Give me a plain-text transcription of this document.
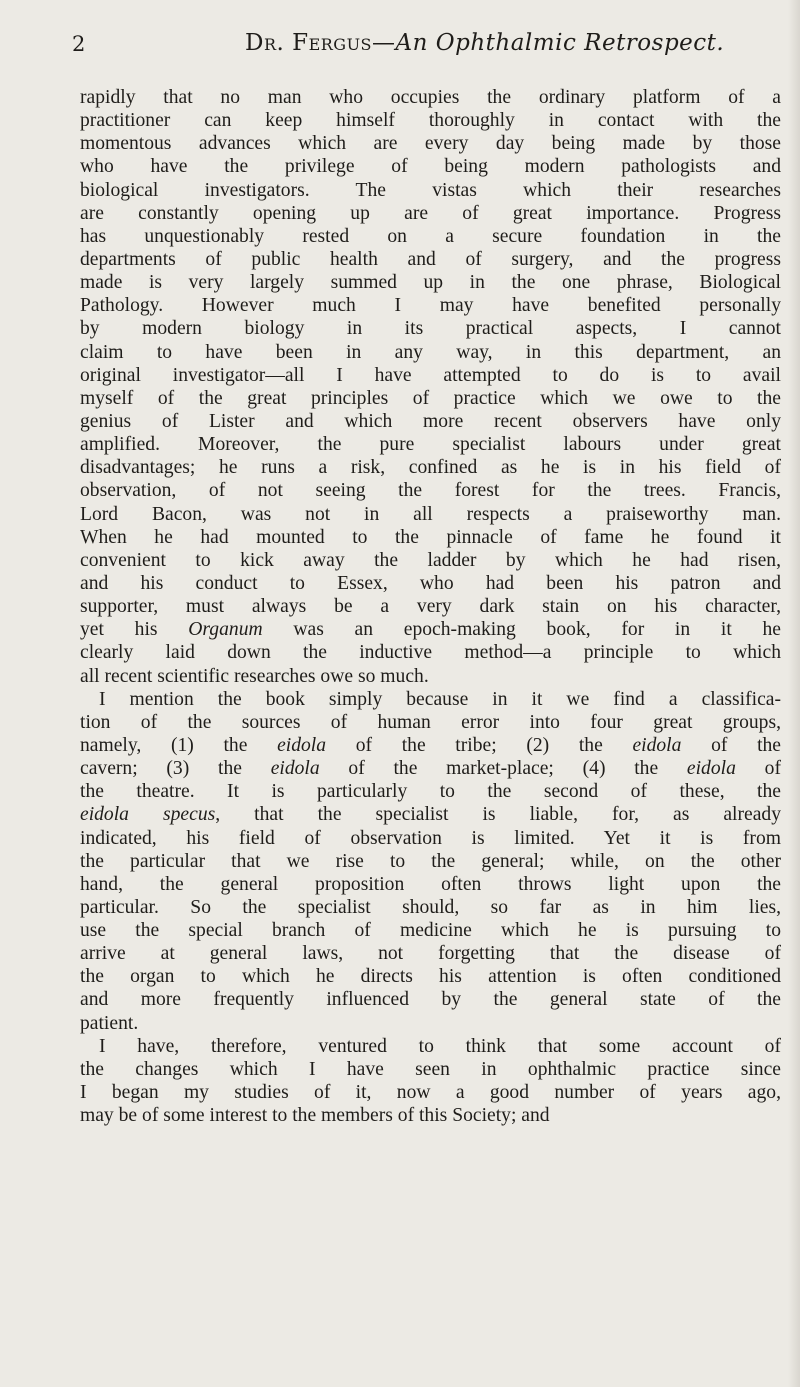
2	Dr. Fergus—An Ophthalmic Retrospect.
rapidly that no man who occupies the ordinary platform of a
practitioner can keep himself thoroughly in contact with the
momentous advances which are every day being made by those
who have the privilege of being modern pathologists and
biological investigators. The vistas which their researches
are constantly opening up are of great importance. Progress
has unquestionably rested on a secure foundation in the
departments of public health and of surgery, and the progress
made is very largely summed up in the one phrase, Biological
Pathology. However much I may have benefited personally
by modern biology in its practical aspects, I cannot
claim to have been in any way, in this department, an
original investigator—all I have attempted to do is to avail
myself of the great principles of practice which we owe to the
genius of Lister and which more recent observers have only
amplified. Moreover, the pure specialist labours under great
disadvantages; he runs a risk, confined as he is in his field of
observation, of not seeing the forest for the trees. Francis,
Lord Bacon, was not in all respects a praiseworthy man.
When he had mounted to the pinnacle of fame he found it
convenient to kick away the ladder by which he had risen,
and his conduct to Essex, who had been his patron and
supporter, must always be a very dark stain on his character,
yet his Organum was an epoch-making book, for in it he
clearly laid down the inductive method—a principle to which
all recent scientific researches owe so much.
I mention the book simply because in it we find a classifica-
tion of the sources of human error into four great groups,
namely, (1) the eidola of the tribe; (2) the eidola of the
cavern; (3) the eidola of the market-place; (4) the eidola of
the theatre. It is particularly to the second of these, the
eidola specus, that the specialist is liable, for, as already
indicated, his field of observation is limited. Yet it is from
the particular that we rise to the general; while, on the other
hand, the general proposition often throws light upon the
particular. So the specialist should, so far as in him lies,
use the special branch of medicine which he is pursuing to
arrive at general laws, not forgetting that the disease of
the organ to which he directs his attention is often conditioned
and more frequently influenced by the general state of the
patient.
I have, therefore, ventured to think that some account of
the changes which I have seen in ophthalmic practice since
I began my studies of it, now a good number of years ago,
may be of some interest to the members of this Society; and
